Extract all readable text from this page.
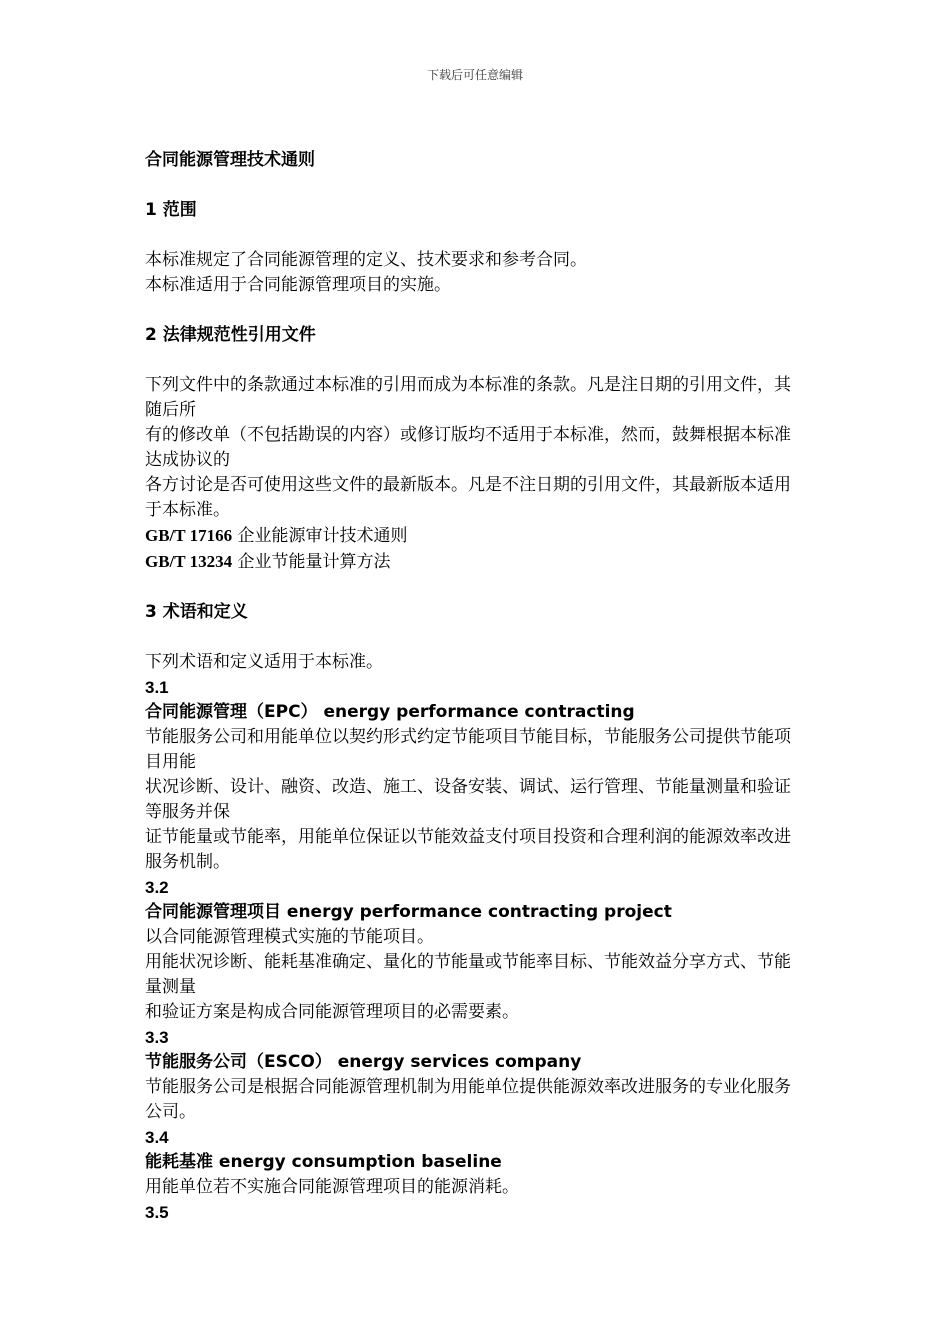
下载后可任意编辑

合同能源管理技术通则

1 范围

本标准规定了合同能源管理的定义、技术要求和参考合同。

本标准适用于合同能源管理项目的实施。

2 法律规范性引用文件

下列文件中的条款通过本标准的引用而成为本标准的条款。凡是注日期的引用文件，其随后所

有的修改单（不包括勘误的内容）或修订版均不适用于本标准，然而，鼓舞根据本标准达成协议的

各方讨论是否可使用这些文件的最新版本。凡是不注日期的引用文件，其最新版本适用于本标准。

GB/T 17166 企业能源审计技术通则

GB/T 13234 企业节能量计算方法

3 术语和定义

下列术语和定义适用于本标准。

3.1

合同能源管理（EPC） energy performance contracting

节能服务公司和用能单位以契约形式约定节能项目节能目标，节能服务公司提供节能项目用能

状况诊断、设计、融资、改造、施工、设备安装、调试、运行管理、节能量测量和验证等服务并保

证节能量或节能率，用能单位保证以节能效益支付项目投资和合理利润的能源效率改进服务机制。

3.2

合同能源管理项目 energy performance contracting project

以合同能源管理模式实施的节能项目。

用能状况诊断、能耗基准确定、量化的节能量或节能率目标、节能效益分享方式、节能量测量

和验证方案是构成合同能源管理项目的必需要素。

3.3

节能服务公司（ESCO） energy services company

节能服务公司是根据合同能源管理机制为用能单位提供能源效率改进服务的专业化服务公司。

3.4

能耗基准 energy consumption baseline

用能单位若不实施合同能源管理项目的能源消耗。

3.5
